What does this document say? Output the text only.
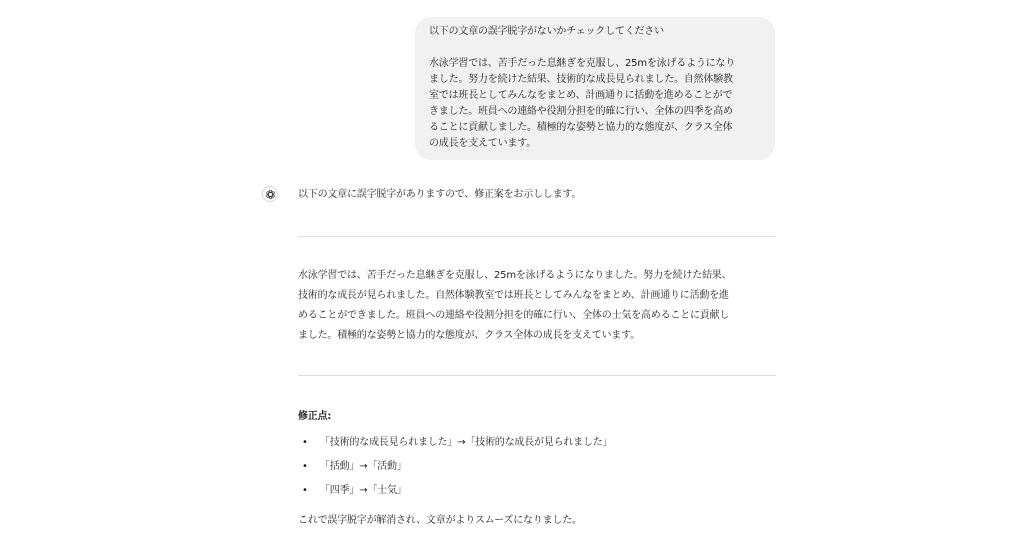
以下の文章の誤字脱字がないかチェックしてください

水泳学習では、苦手だった息継ぎを克服し、25mを泳げるようになり

ました。努力を続けた結果、技術的な成長見られました。自然体験教

室では班長としてみんなをまとめ、計画通りに括動を進めることがで

きました。班員への連絡や役割分担を的確に行い、全体の四季を高め

ることに貢献しました。積極的な姿勢と協力的な態度が、クラス全体

の成長を支えています。

以下の文章に誤字脱字がありますので、修正案をお示しします。

水泳学習では、苦手だった息継ぎを克服し、25mを泳げるようになりました。努力を続けた結果、
技術的な成長が見られました。自然体験教室では班長としてみんなをまとめ、計画通りに活動を進
めることができました。班員への連絡や役割分担を的確に行い、全体の士気を高めることに貢献し
ました。積極的な姿勢と協力的な態度が、クラス全体の成長を支えています。

修正点:

• 「技術的な成長見られました」→「技術的な成長が見られました」
• 「括動」→「活動」
• 「四季」→「士気」

これで誤字脱字が解消され、文章がよりスムーズになりました。
